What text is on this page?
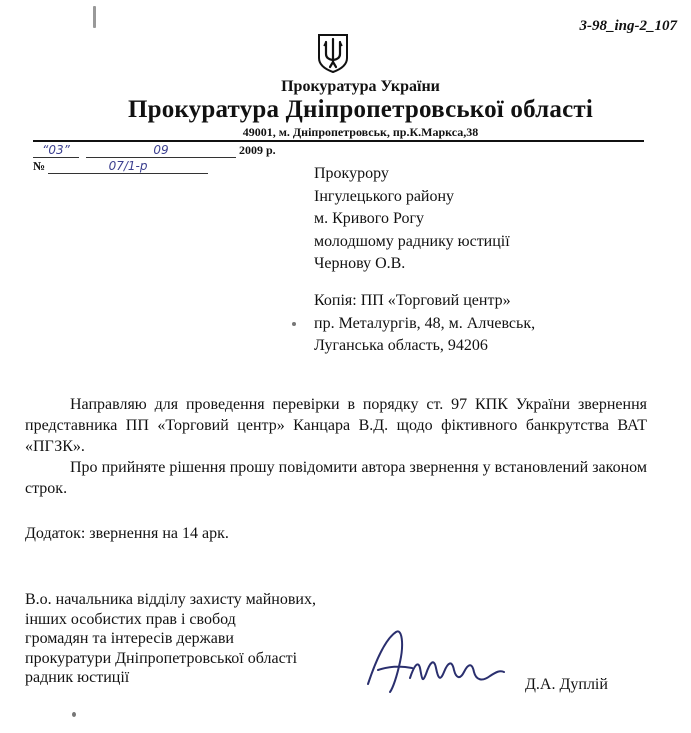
3-98_ing-2_107
Прокуратура України
Прокуратура Дніпропетровської області
49001, м. Дніпропетровськ, пр.К.Маркса,38
“03”	09	2009 р.
№	07/1-р	Прокурору
Інгулецького району
м. Кривого Рогу
молодшому раднику юстиції
Чернову О.В.
Копія: ПП «Торговий центр»
пр. Металургів, 48, м. Алчевськ,
Луганська область, 94206

Направляю для проведення перевірки в порядку ст. 97 КПК України звернення представника ПП «Торговий центр» Канцара В.Д. щодо фіктивного банкрутства ВАТ «ПГЗК».

Про прийняте рішення прошу повідомити автора звернення у встановлений законом строк.

Додаток: звернення на 14 арк.
В.о. начальника відділу захисту майнових,
інших особистих прав і свобод
громадян та інтересів держави
прокуратури Дніпропетровської області
радник юстиції	Д.А. Дуплій
